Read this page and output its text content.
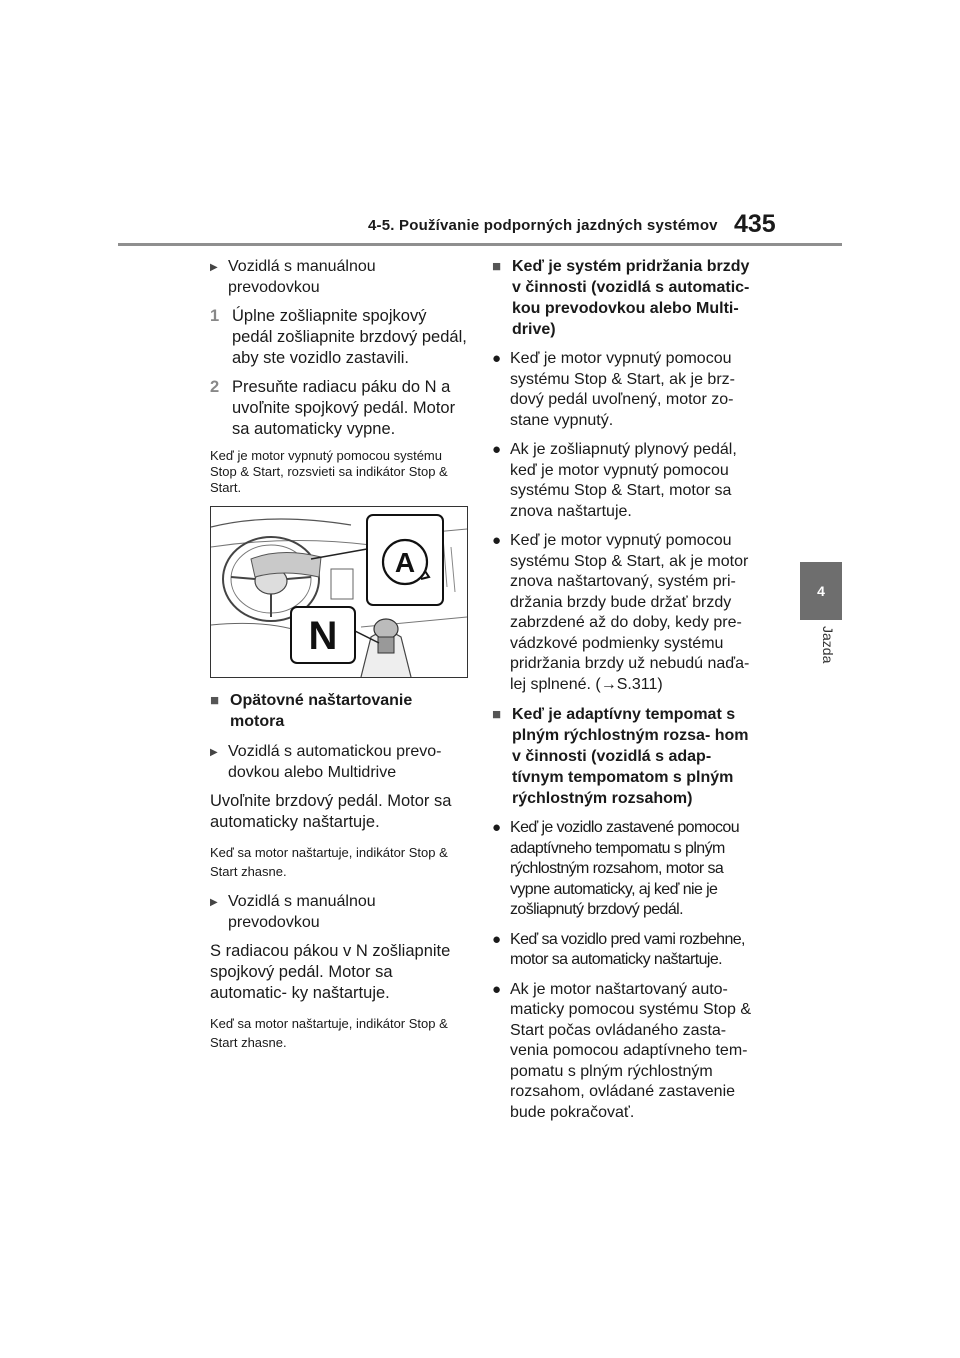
4-5. Používanie podporných jazdných systémov 435
4
Jazda
▶ Vozidlá s manuálnou prevodovkou
1 Úplne zošliapnite spojkový pedál zošliapnite brzdový pedál, aby ste vozidlo zastavili.
2 Presuňte radiacu páku do N a uvoľnite spojkový pedál. Motor sa automaticky vypne.

Keď je motor vypnutý pomocou systému Stop & Start, rozsvieti sa indikátor Stop & Start.

A
N
■ Opätovné naštartovanie motora
▶ Vozidlá s automatickou prevo- dovkou alebo Multidrive

Uvoľnite brzdový pedál. Motor sa automaticky naštartuje.

Keď sa motor naštartuje, indikátor Stop & Start zhasne.

▶ Vozidlá s manuálnou prevodovkou

S radiacou pákou v N zošliapnite spojkový pedál. Motor sa automatic- ky naštartuje.

Keď sa motor naštartuje, indikátor Stop & Start zhasne.

■ Keď je systém pridržania brzdy v činnosti (vozidlá s automatic- kou prevodovkou alebo Multi- drive)
● Keď je motor vypnutý pomocou systému Stop & Start, ak je brz- dový pedál uvoľnený, motor zo- stane vypnutý.
● Ak je zošliapnutý plynový pedál, keď je motor vypnutý pomocou systému Stop & Start, motor sa znova naštartuje.
● Keď je motor vypnutý pomocou systému Stop & Start, ak je motor znova naštartovaný, systém pri- držania brzdy bude držať brzdy zabrzdené až do doby, kedy pre- vádzkové podmienky systému pridržania brzdy už nebudú naďa- lej splnené. (→S.311)
■ Keď je adaptívny tempomat s plným rýchlostným rozsa- hom v činnosti (vozidlá s adap- tívnym tempomatom s plným rýchlostným rozsahom)
● Keď je vozidlo zastavené pomocou adaptívneho tempomatu s plným rýchlostným rozsahom, motor sa vypne automaticky, aj keď nie je zošliapnutý brzdový pedál.
● Keď sa vozidlo pred vami rozbehne, motor sa automaticky naštartuje.
● Ak je motor naštartovaný auto- maticky pomocou systému Stop & Start počas ovládaného zasta- venia pomocou adaptívneho tem- pomatu s plným rýchlostným rozsahom, ovládané zastavenie bude pokračovať.
